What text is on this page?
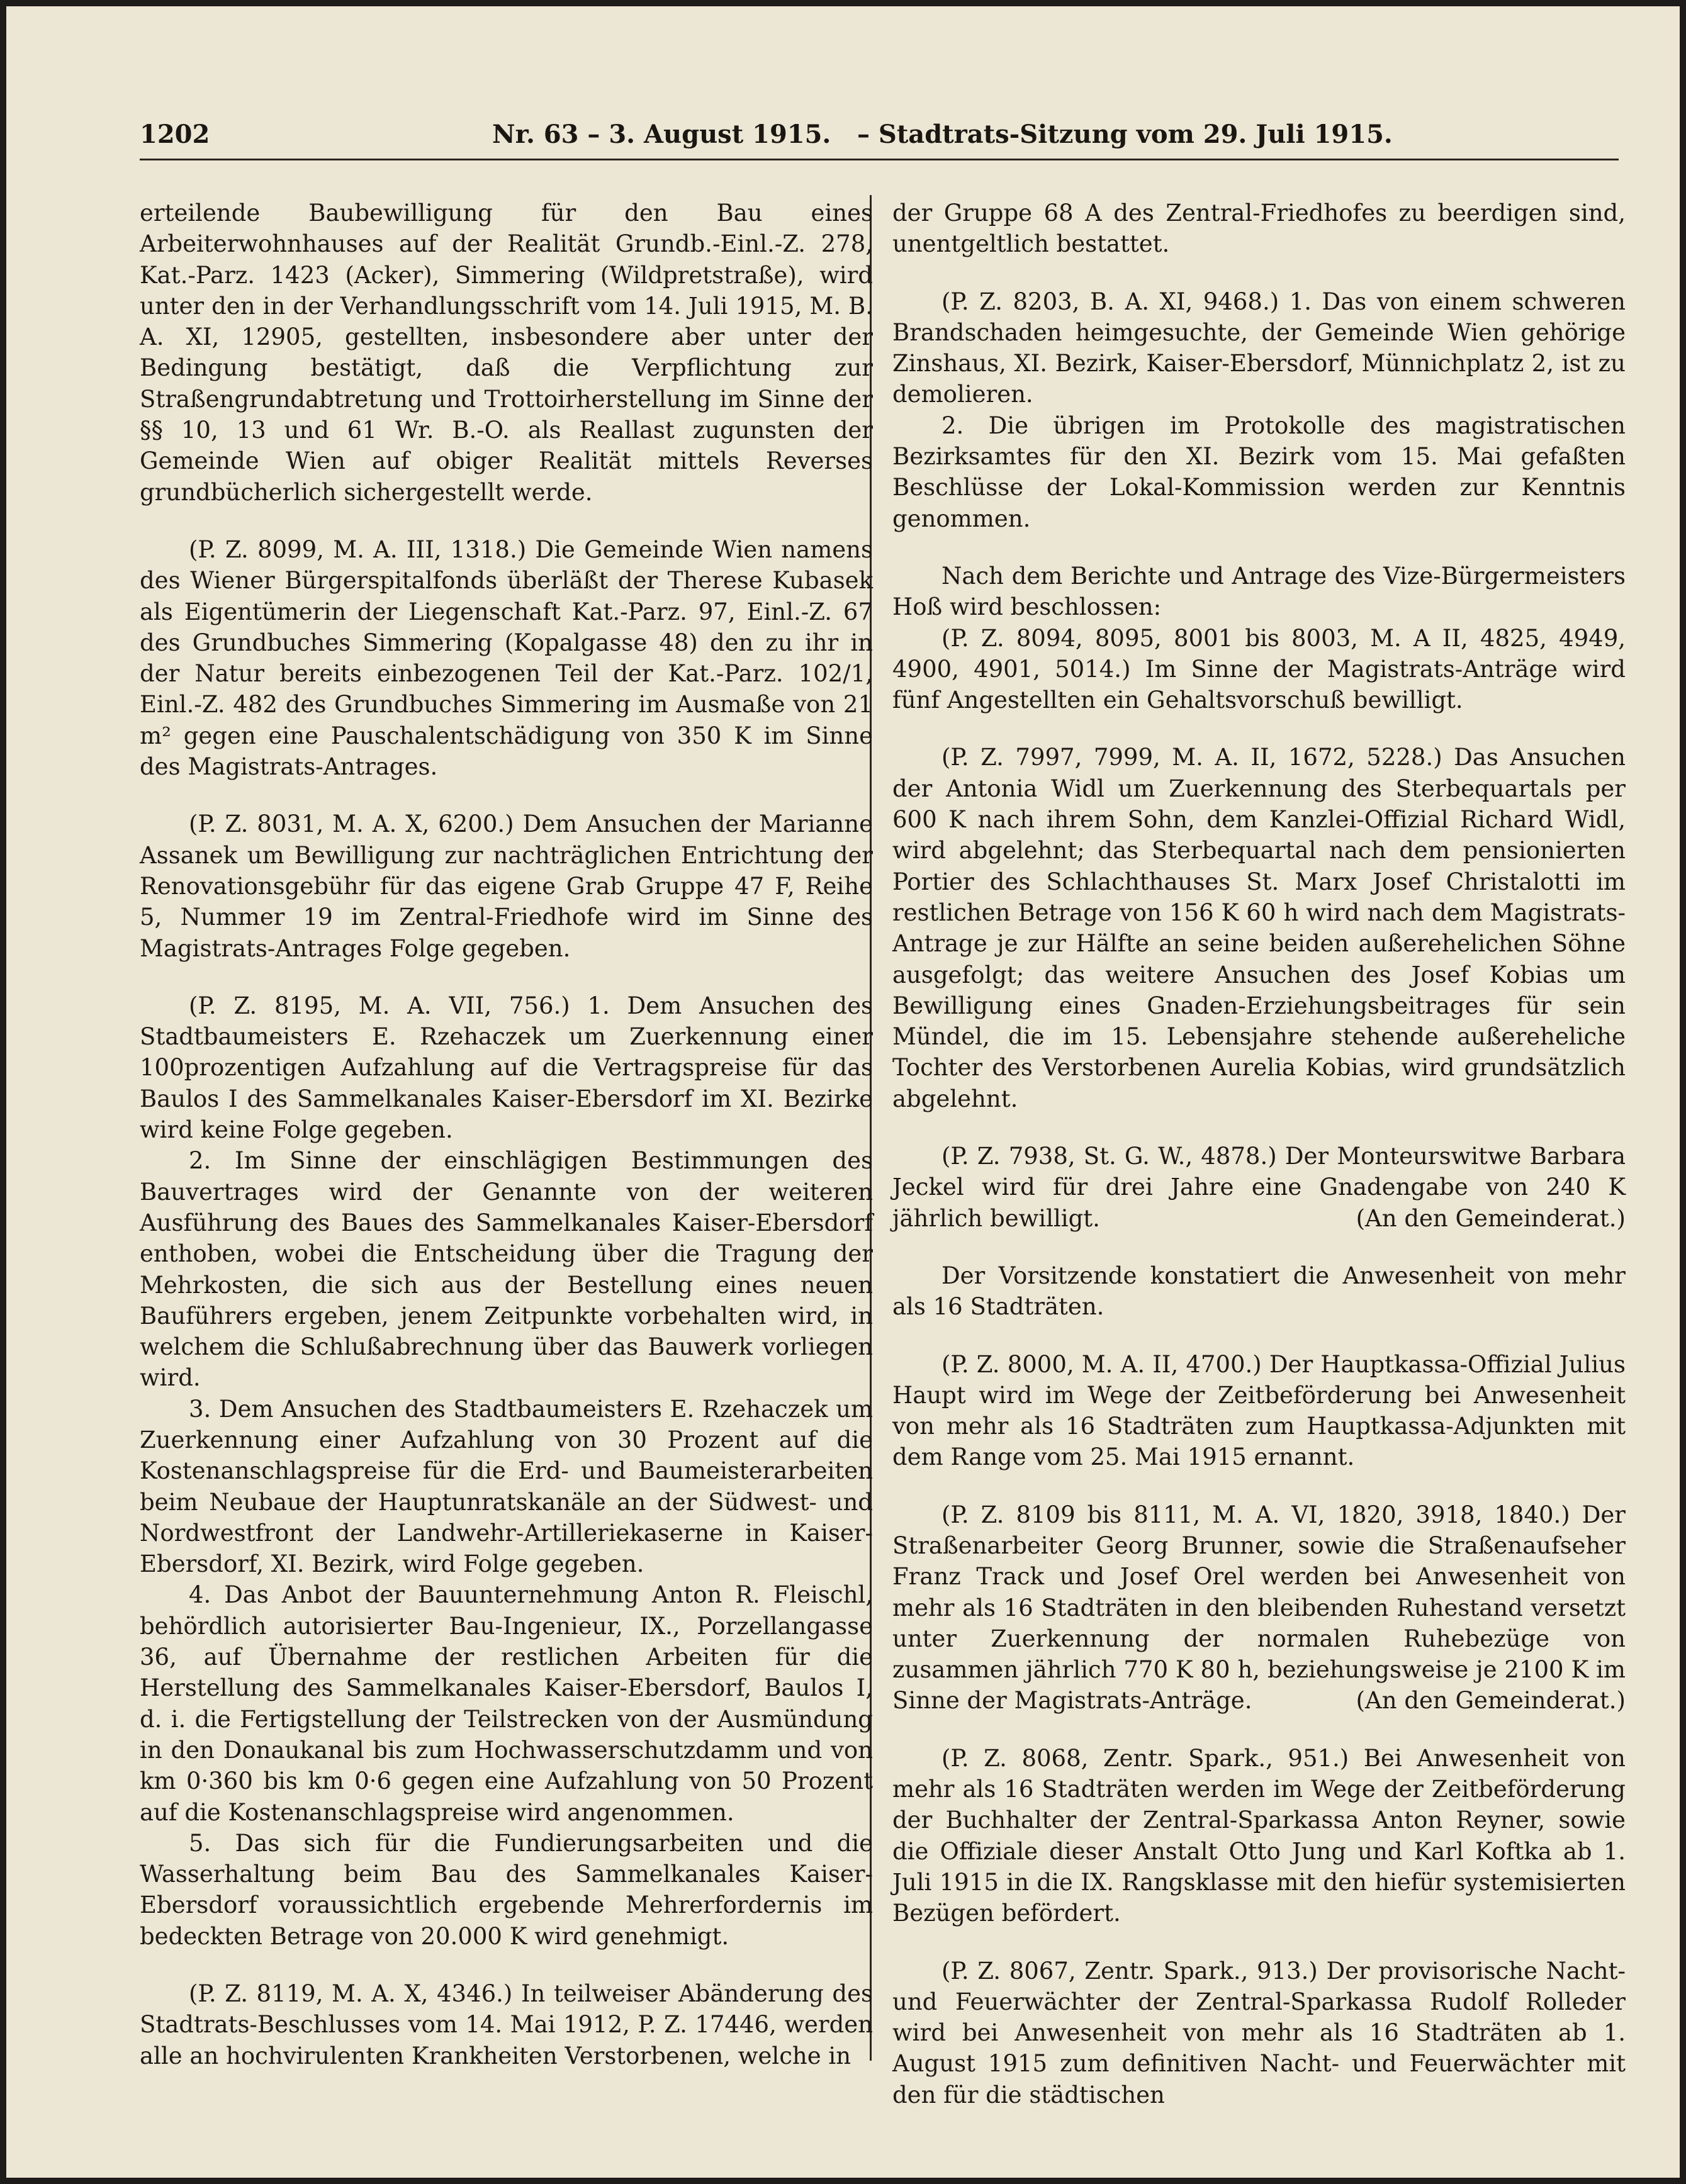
1202	Nr. 63 – 3. August 1915. – Stadtrats-Sitzung vom 29. Juli 1915.

erteilende Baubewilligung für den Bau eines Arbeiterwohnhauses auf der Realität Grundb.-Einl.-Z. 278, Kat.-Parz. 1423 (Acker), Simmering (Wildpretstraße), wird unter den in der Verhandlungsschrift vom 14. Juli 1915, M. B. A. XI, 12905, gestellten, insbesondere aber unter der Bedingung bestätigt, daß die Verpflichtung zur Straßengrundabtretung und Trottoirherstellung im Sinne der §§ 10, 13 und 61 Wr. B.-O. als Reallast zugunsten der Gemeinde Wien auf obiger Realität mittels Reverses grundbücherlich sichergestellt werde.

(P. Z. 8099, M. A. III, 1318.) Die Gemeinde Wien namens des Wiener Bürgerspitalfonds überläßt der Therese Kubasek als Eigentümerin der Liegenschaft Kat.-Parz. 97, Einl.-Z. 67 des Grundbuches Simmering (Kopalgasse 48) den zu ihr in der Natur bereits einbezogenen Teil der Kat.-Parz. 102/1, Einl.-Z. 482 des Grundbuches Simmering im Ausmaße von 21 m² gegen eine Pauschalentschädigung von 350 K im Sinne des Magistrats-Antrages.

(P. Z. 8031, M. A. X, 6200.) Dem Ansuchen der Marianne Assanek um Bewilligung zur nachträglichen Entrichtung der Renovationsgebühr für das eigene Grab Gruppe 47 F, Reihe 5, Nummer 19 im Zentral-Friedhofe wird im Sinne des Magistrats-Antrages Folge gegeben.

(P. Z. 8195, M. A. VII, 756.) 1. Dem Ansuchen des Stadtbaumeisters E. Rzehaczek um Zuerkennung einer 100prozentigen Aufzahlung auf die Vertragspreise für das Baulos I des Sammelkanales Kaiser-Ebersdorf im XI. Bezirke wird keine Folge gegeben.

2. Im Sinne der einschlägigen Bestimmungen des Bauvertrages wird der Genannte von der weiteren Ausführung des Baues des Sammelkanales Kaiser-Ebersdorf enthoben, wobei die Entscheidung über die Tragung der Mehrkosten, die sich aus der Bestellung eines neuen Bauführers ergeben, jenem Zeitpunkte vorbehalten wird, in welchem die Schlußabrechnung über das Bauwerk vorliegen wird.

3. Dem Ansuchen des Stadtbaumeisters E. Rzehaczek um Zuerkennung einer Aufzahlung von 30 Prozent auf die Kostenanschlagspreise für die Erd- und Baumeisterarbeiten beim Neubaue der Hauptunratskanäle an der Südwest- und Nordwestfront der Landwehr-Artilleriekaserne in Kaiser-Ebersdorf, XI. Bezirk, wird Folge gegeben.

4. Das Anbot der Bauunternehmung Anton R. Fleischl, behördlich autorisierter Bau-Ingenieur, IX., Porzellangasse 36, auf Übernahme der restlichen Arbeiten für die Herstellung des Sammelkanales Kaiser-Ebersdorf, Baulos I, d. i. die Fertigstellung der Teilstrecken von der Ausmündung in den Donaukanal bis zum Hochwasserschutzdamm und von km 0·360 bis km 0·6 gegen eine Aufzahlung von 50 Prozent auf die Kostenanschlagspreise wird angenommen.

5. Das sich für die Fundierungsarbeiten und die Wasserhaltung beim Bau des Sammelkanales Kaiser-Ebersdorf voraussichtlich ergebende Mehrerfordernis im bedeckten Betrage von 20.000 K wird genehmigt.

(P. Z. 8119, M. A. X, 4346.) In teilweiser Abänderung des Stadtrats-Beschlusses vom 14. Mai 1912, P. Z. 17446, werden alle an hochvirulenten Krankheiten Verstorbenen, welche in

der Gruppe 68 A des Zentral-Friedhofes zu beerdigen sind, unentgeltlich bestattet.

(P. Z. 8203, B. A. XI, 9468.) 1. Das von einem schweren Brandschaden heimgesuchte, der Gemeinde Wien gehörige Zinshaus, XI. Bezirk, Kaiser-Ebersdorf, Münnichplatz 2, ist zu demolieren.

2. Die übrigen im Protokolle des magistratischen Bezirksamtes für den XI. Bezirk vom 15. Mai gefaßten Beschlüsse der Lokal-Kommission werden zur Kenntnis genommen.

Nach dem Berichte und Antrage des Vize-Bürgermeisters Hoß wird beschlossen:

(P. Z. 8094, 8095, 8001 bis 8003, M. A II, 4825, 4949, 4900, 4901, 5014.) Im Sinne der Magistrats-Anträge wird fünf Angestellten ein Gehaltsvorschuß bewilligt.

(P. Z. 7997, 7999, M. A. II, 1672, 5228.) Das Ansuchen der Antonia Widl um Zuerkennung des Sterbequartals per 600 K nach ihrem Sohn, dem Kanzlei-Offizial Richard Widl, wird abgelehnt; das Sterbequartal nach dem pensionierten Portier des Schlachthauses St. Marx Josef Christalotti im restlichen Betrage von 156 K 60 h wird nach dem Magistrats-Antrage je zur Hälfte an seine beiden außerehelichen Söhne ausgefolgt; das weitere Ansuchen des Josef Kobias um Bewilligung eines Gnaden-Erziehungsbeitrages für sein Mündel, die im 15. Lebensjahre stehende außereheliche Tochter des Verstorbenen Aurelia Kobias, wird grundsätzlich abgelehnt.

(P. Z. 7938, St. G. W., 4878.) Der Monteurswitwe Barbara Jeckel wird für drei Jahre eine Gnadengabe von 240 K jährlich bewilligt.	(An den Gemeinderat.)

Der Vorsitzende konstatiert die Anwesenheit von mehr als 16 Stadträten.

(P. Z. 8000, M. A. II, 4700.) Der Hauptkassa-Offizial Julius Haupt wird im Wege der Zeitbeförderung bei Anwesenheit von mehr als 16 Stadträten zum Hauptkassa-Adjunkten mit dem Range vom 25. Mai 1915 ernannt.

(P. Z. 8109 bis 8111, M. A. VI, 1820, 3918, 1840.) Der Straßenarbeiter Georg Brunner, sowie die Straßenaufseher Franz Track und Josef Orel werden bei Anwesenheit von mehr als 16 Stadträten in den bleibenden Ruhestand versetzt unter Zuerkennung der normalen Ruhebezüge von zusammen jährlich 770 K 80 h, beziehungsweise je 2100 K im Sinne der Magistrats-Anträge.	(An den Gemeinderat.)

(P. Z. 8068, Zentr. Spark., 951.) Bei Anwesenheit von mehr als 16 Stadträten werden im Wege der Zeitbeförderung der Buchhalter der Zentral-Sparkassa Anton Reyner, sowie die Offiziale dieser Anstalt Otto Jung und Karl Koftka ab 1. Juli 1915 in die IX. Rangsklasse mit den hiefür systemisierten Bezügen befördert.

(P. Z. 8067, Zentr. Spark., 913.) Der provisorische Nacht- und Feuerwächter der Zentral-Sparkassa Rudolf Rolleder wird bei Anwesenheit von mehr als 16 Stadträten ab 1. August 1915 zum definitiven Nacht- und Feuerwächter mit den für die städtischen
